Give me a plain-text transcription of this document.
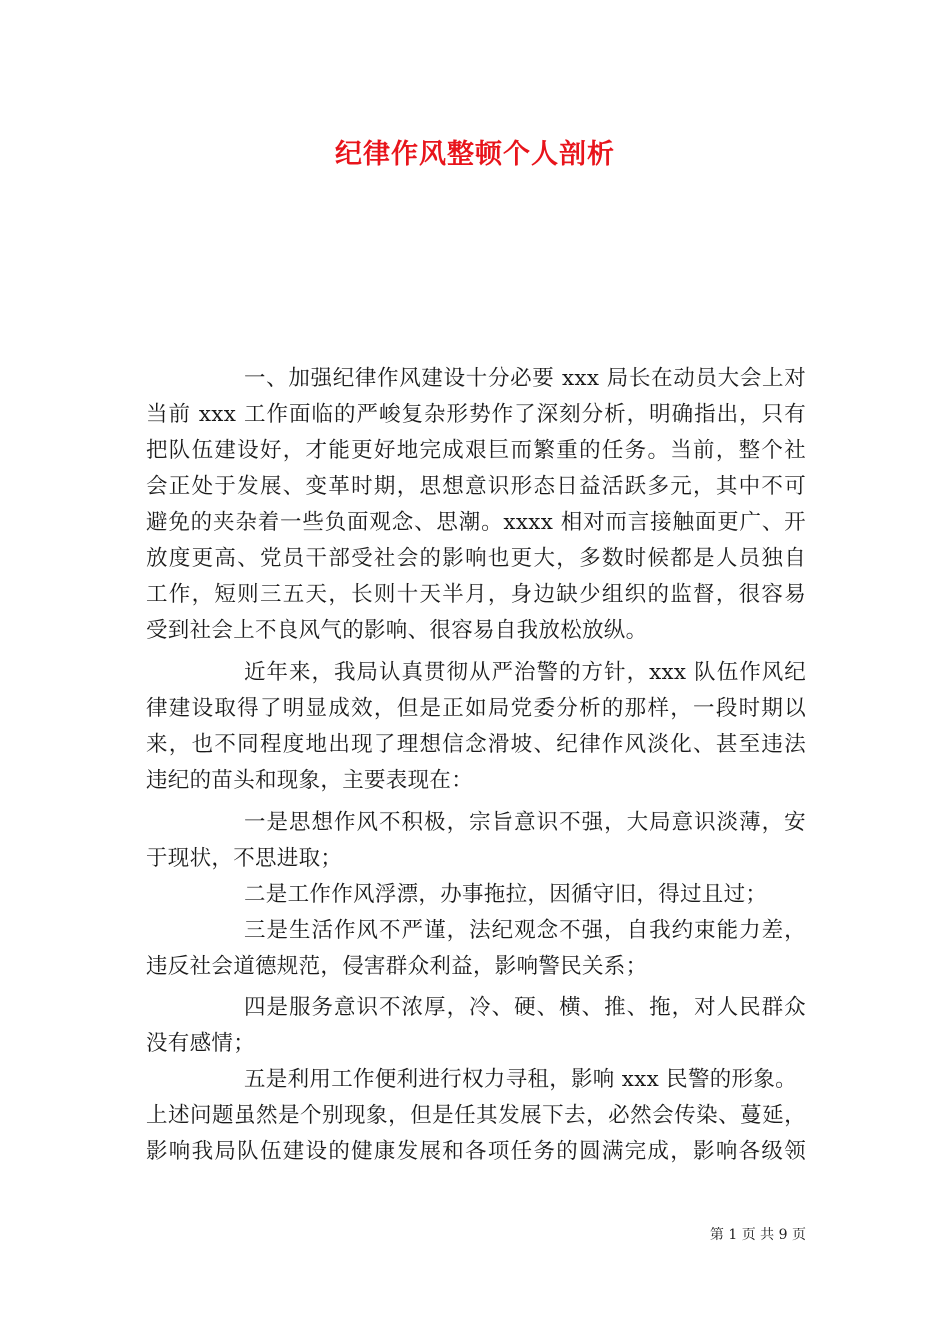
纪律作风整顿个人剖析
一、加强纪律作风建设十分必要 xxx 局长在动员大会上对
当前 xxx 工作面临的严峻复杂形势作了深刻分析，明确指出，只有
把队伍建设好，才能更好地完成艰巨而繁重的任务。当前，整个社
会正处于发展、变革时期，思想意识形态日益活跃多元，其中不可
避免的夹杂着一些负面观念、思潮。xxxx 相对而言接触面更广、开
放度更高、党员干部受社会的影响也更大，多数时候都是人员独自
工作，短则三五天，长则十天半月，身边缺少组织的监督，很容易
受到社会上不良风气的影响、很容易自我放松放纵。
近年来，我局认真贯彻从严治警的方针，xxx 队伍作风纪
律建设取得了明显成效，但是正如局党委分析的那样，一段时期以
来，也不同程度地出现了理想信念滑坡、纪律作风淡化、甚至违法
违纪的苗头和现象，主要表现在：
一是思想作风不积极，宗旨意识不强，大局意识淡薄，安
于现状，不思进取；
二是工作作风浮漂，办事拖拉，因循守旧，得过且过；
三是生活作风不严谨，法纪观念不强，自我约束能力差，
违反社会道德规范，侵害群众利益，影响警民关系；
四是服务意识不浓厚，冷、硬、横、推、拖，对人民群众
没有感情；
五是利用工作便利进行权力寻租，影响 xxx 民警的形象。
上述问题虽然是个别现象，但是任其发展下去，必然会传染、蔓延，
影响我局队伍建设的健康发展和各项任务的圆满完成，影响各级领
第 1 页 共 9 页
